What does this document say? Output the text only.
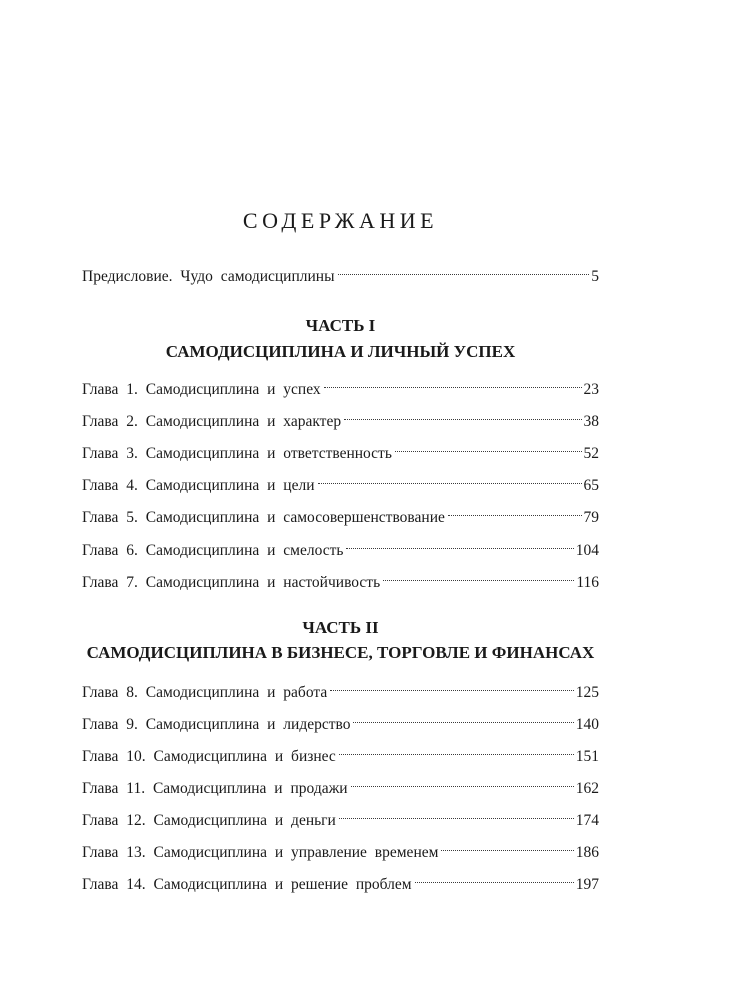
СОДЕРЖАНИЕ
Предисловие. Чудо самодисциплины	5
ЧАСТЬ I
САМОДИСЦИПЛИНА И ЛИЧНЫЙ УСПЕХ
Глава 1. Самодисциплина и успех	23
Глава 2. Самодисциплина и характер	38
Глава 3. Самодисциплина и ответственность	52
Глава 4. Самодисциплина и цели	65
Глава 5. Самодисциплина и самосовершенствование	79
Глава 6. Самодисциплина и смелость	104
Глава 7. Самодисциплина и настойчивость	116
ЧАСТЬ II
САМОДИСЦИПЛИНА В БИЗНЕСЕ, ТОРГОВЛЕ И ФИНАНСАХ
Глава 8. Самодисциплина и работа	125
Глава 9. Самодисциплина и лидерство	140
Глава 10. Самодисциплина и бизнес	151
Глава 11. Самодисциплина и продажи	162
Глава 12. Самодисциплина и деньги	174
Глава 13. Самодисциплина и управление временем	186
Глава 14. Самодисциплина и решение проблем	197
